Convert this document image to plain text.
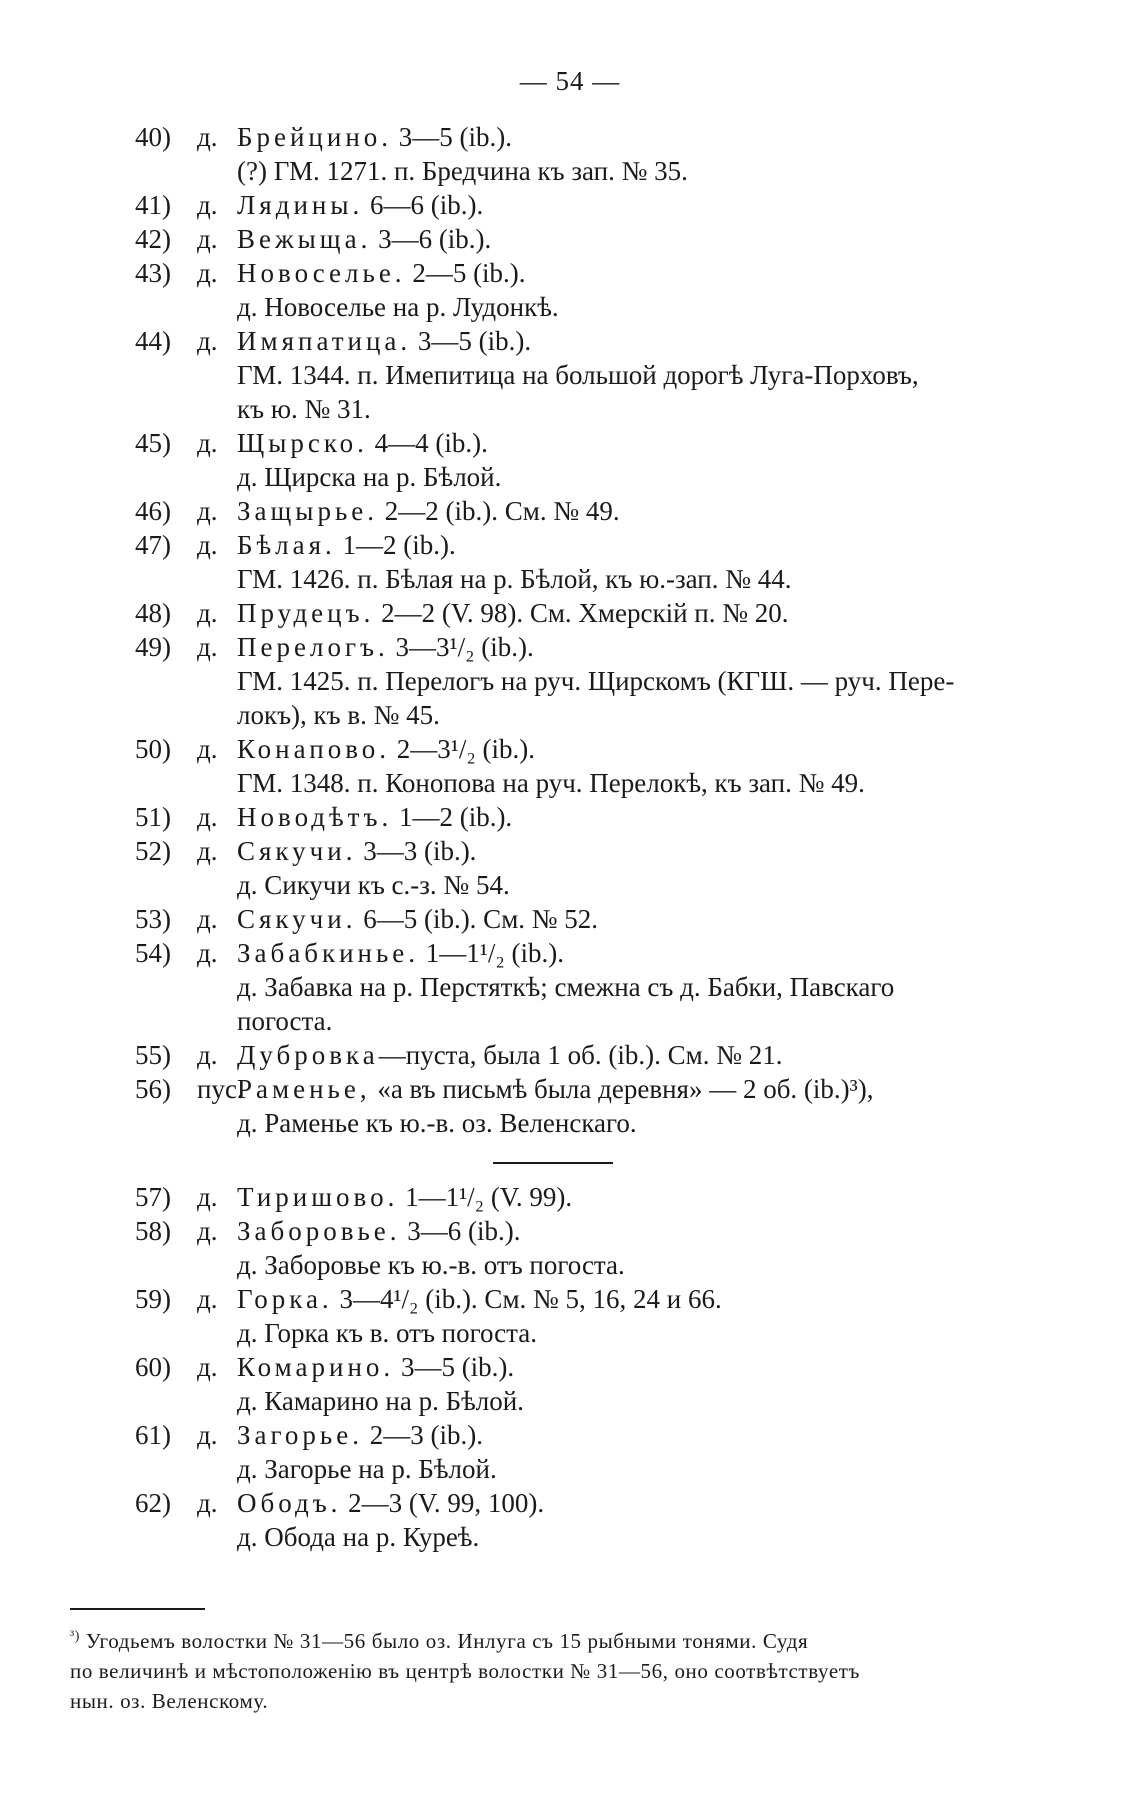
— 54 —
40) д. Брейцино. 3—5 (ib.).
(?) ГМ. 1271. п. Бредчина къ зап. № 35.
41) д. Лядины. 6—6 (ib.).
42) д. Вежыща. 3—6 (ib.).
43) д. Новоселье. 2—5 (ib.).
д. Новоселье на р. Лудонкѣ.
44) д. Имяпатица. 3—5 (ib.).
ГМ. 1344. п. Имепитица на большой дорогѣ Луга-Порховъ,
къ ю. № 31.
45) д. Щырско. 4—4 (ib.).
д. Щирска на р. Бѣлой.
46) д. Защырье. 2—2 (ib.). См. № 49.
47) д. Бѣлая. 1—2 (ib.).
ГМ. 1426. п. Бѣлая на р. Бѣлой, къ ю.-зап. № 44.
48) д. Прудецъ. 2—2 (V. 98). См. Хмерскій п. № 20.
49) д. Перелогъ. 3—3¹/₂ (ib.).
ГМ. 1425. п. Перелогъ на руч. Щирскомъ (КГШ. — руч. Пере-
локъ), къ в. № 45.
50) д. Конапово. 2—3¹/₂ (ib.).
ГМ. 1348. п. Конопова на руч. Перелокѣ, къ зап. № 49.
51) д. Новодѣтъ. 1—2 (ib.).
52) д. Сякучи. 3—3 (ib.).
д. Сикучи къ с.-з. № 54.
53) д. Сякучи. 6—5 (ib.). См. № 52.
54) д. Забабкинье. 1—1¹/₂ (ib.).
д. Забавка на р. Перстяткѣ; смежна съ д. Бабки, Павскаго
погоста.
55) д. Дубровка—пуста, была 1 об. (ib.). См. № 21.
56) пус.Раменье, «а въ письмѣ была деревня» — 2 об. (ib.)³),
д. Раменье къ ю.-в. оз. Веленскаго.
57) д. Тиришово. 1—1¹/₂ (V. 99).
58) д. Заборовье. 3—6 (ib.).
д. Заборовье къ ю.-в. отъ погоста.
59) д. Горка. 3—4¹/₂ (ib.). См. № 5, 16, 24 и 66.
д. Горка къ в. отъ погоста.
60) д. Комарино. 3—5 (ib.).
д. Камарино на р. Бѣлой.
61) д. Загорье. 2—3 (ib.).
д. Загорье на р. Бѣлой.
62) д. Ободъ. 2—3 (V. 99, 100).
д. Обода на р. Куреѣ.
$^{^3)}$ Угодьемъ волостки № 31—56 было оз. Инлуга съ 15 рыбными тонями. Судя
по величинѣ и мѣстоположенію въ центрѣ волостки № 31—56, оно соотвѣтствуетъ
нын. оз. Веленскому.
